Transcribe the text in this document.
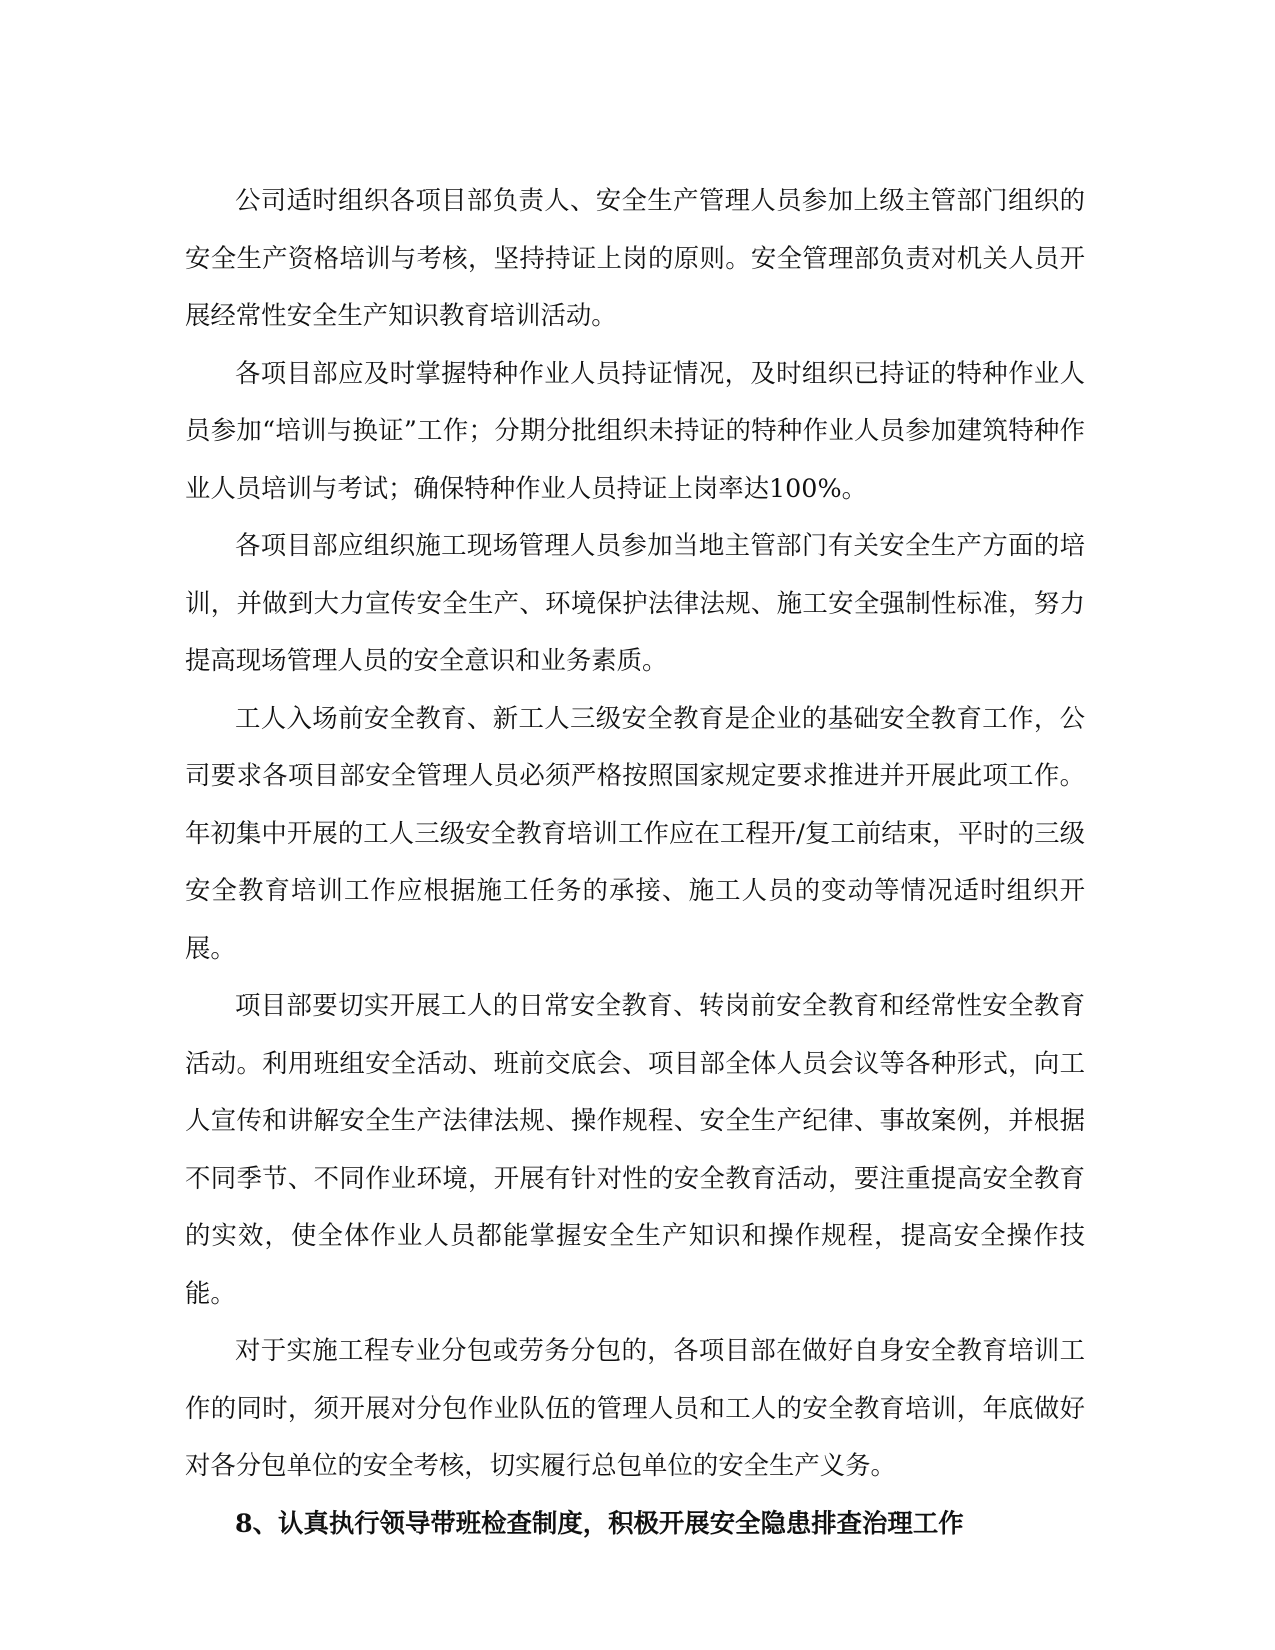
公司适时组织各项目部负责人、安全生产管理人员参加上级主管部门组织的安全生产资格培训与考核，坚持持证上岗的原则。安全管理部负责对机关人员开展经常性安全生产知识教育培训活动。

各项目部应及时掌握特种作业人员持证情况，及时组织已持证的特种作业人员参加“培训与换证”工作；分期分批组织未持证的特种作业人员参加建筑特种作业人员培训与考试；确保特种作业人员持证上岗率达100%。

各项目部应组织施工现场管理人员参加当地主管部门有关安全生产方面的培训，并做到大力宣传安全生产、环境保护法律法规、施工安全强制性标准，努力提高现场管理人员的安全意识和业务素质。

工人入场前安全教育、新工人三级安全教育是企业的基础安全教育工作，公司要求各项目部安全管理人员必须严格按照国家规定要求推进并开展此项工作。年初集中开展的工人三级安全教育培训工作应在工程开/复工前结束，平时的三级安全教育培训工作应根据施工任务的承接、施工人员的变动等情况适时组织开展。

项目部要切实开展工人的日常安全教育、转岗前安全教育和经常性安全教育活动。利用班组安全活动、班前交底会、项目部全体人员会议等各种形式，向工人宣传和讲解安全生产法律法规、操作规程、安全生产纪律、事故案例，并根据不同季节、不同作业环境，开展有针对性的安全教育活动，要注重提高安全教育的实效，使全体作业人员都能掌握安全生产知识和操作规程，提高安全操作技能。

对于实施工程专业分包或劳务分包的，各项目部在做好自身安全教育培训工作的同时，须开展对分包作业队伍的管理人员和工人的安全教育培训，年底做好对各分包单位的安全考核，切实履行总包单位的安全生产义务。

8、认真执行领导带班检查制度，积极开展安全隐患排查治理工作
